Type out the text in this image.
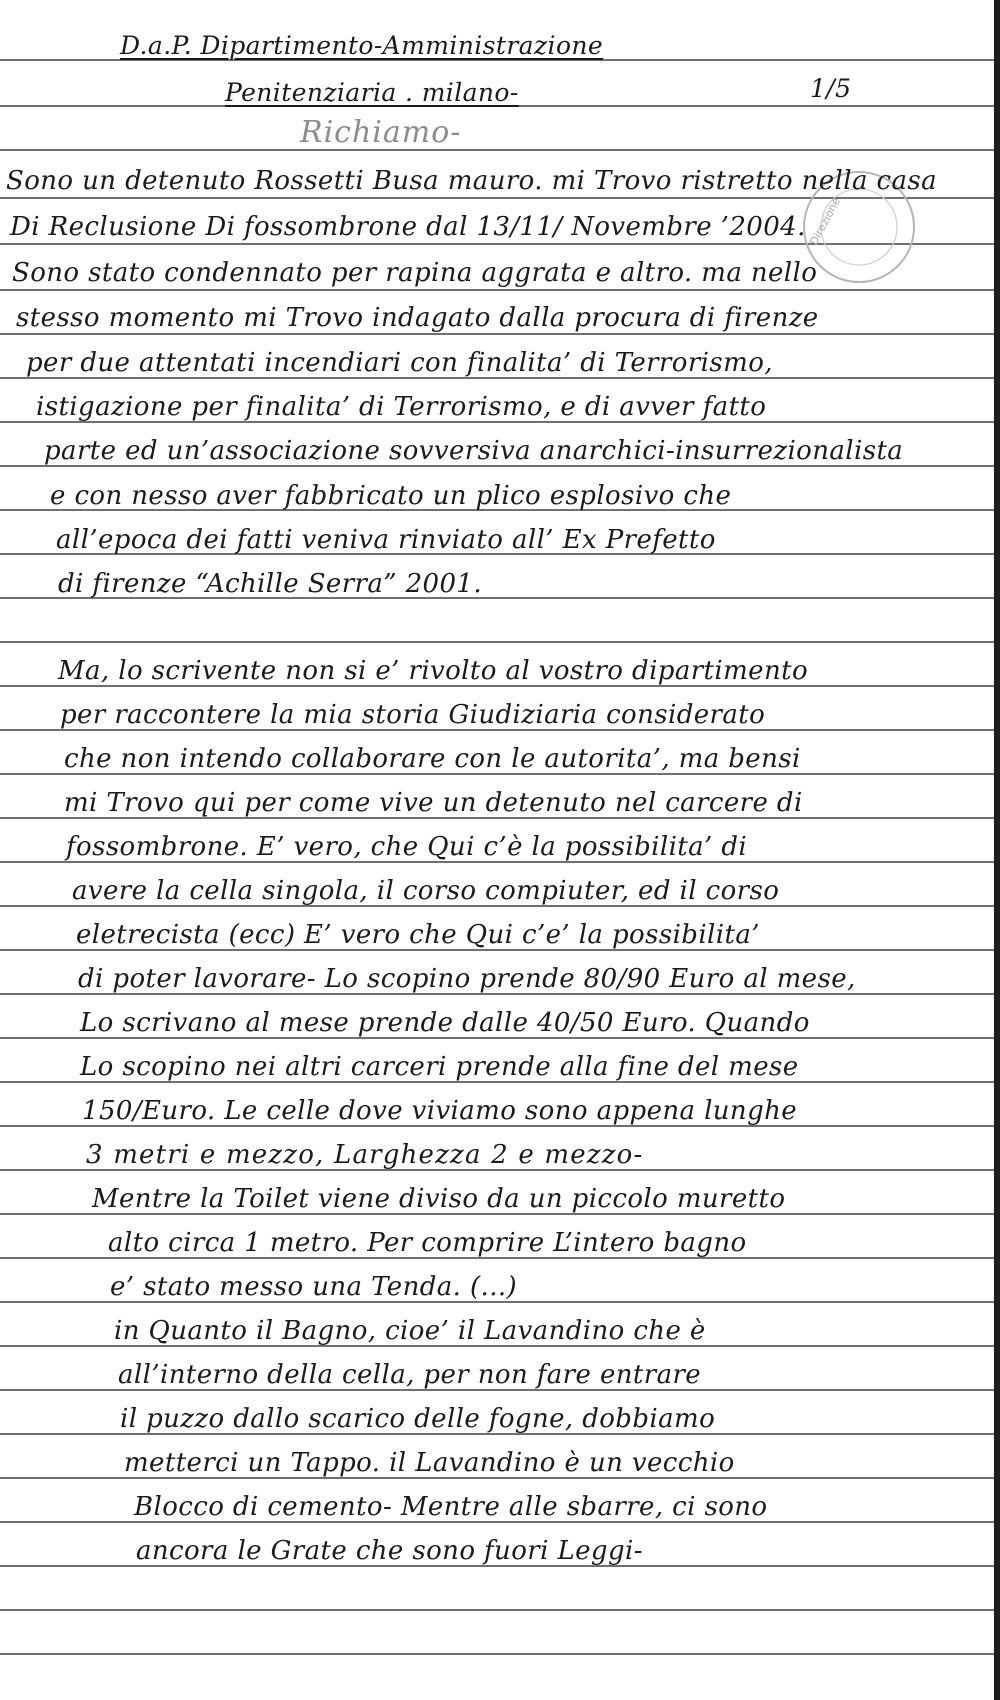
D.a.P. Dipartimento-Amministrazione
Penitenziaria . milano-	1/5
Richiamo-
Direzione
Sono un detenuto Rossetti Busa mauro. mi Trovo ristretto nella casa
Di Reclusione Di fossombrone dal 13/11/ Novembre ’2004.
Sono stato condennato per rapina aggrata e altro. ma nello
stesso momento mi Trovo indagato dalla procura di firenze
per due attentati incendiari con finalita’ di Terrorismo,
istigazione per finalita’ di Terrorismo, e di avver fatto
parte ed un’associazione sovversiva anarchici-insurrezionalista
e con nesso aver fabbricato un plico esplosivo che
all’epoca dei fatti veniva rinviato all’ Ex Prefetto
di firenze “Achille Serra” 2001.
Ma, lo scrivente non si e’ rivolto al vostro dipartimento
per raccontere la mia storia Giudiziaria considerato
che non intendo collaborare con le autorita’, ma bensi
mi Trovo qui per come vive un detenuto nel carcere di
fossombrone. E’ vero, che Qui c’è la possibilita’ di
avere la cella singola, il corso compiuter, ed il corso
eletrecista (ecc) E’ vero che Qui c’e’ la possibilita’
di poter lavorare- Lo scopino prende 80/90 Euro al mese,
Lo scrivano al mese prende dalle 40/50 Euro. Quando
Lo scopino nei altri carceri prende alla fine del mese
150/Euro. Le celle dove viviamo sono appena lunghe
3 metri e mezzo, Larghezza 2 e mezzo-
Mentre la Toilet viene diviso da un piccolo muretto
alto circa 1 metro. Per comprire L’intero bagno
e’ stato messo una Tenda. (...)
in Quanto il Bagno, cioe’ il Lavandino che è
all’interno della cella, per non fare entrare
il puzzo dallo scarico delle fogne, dobbiamo
metterci un Tappo. il Lavandino è un vecchio
Blocco di cemento- Mentre alle sbarre, ci sono
ancora le Grate che sono fuori Leggi-
